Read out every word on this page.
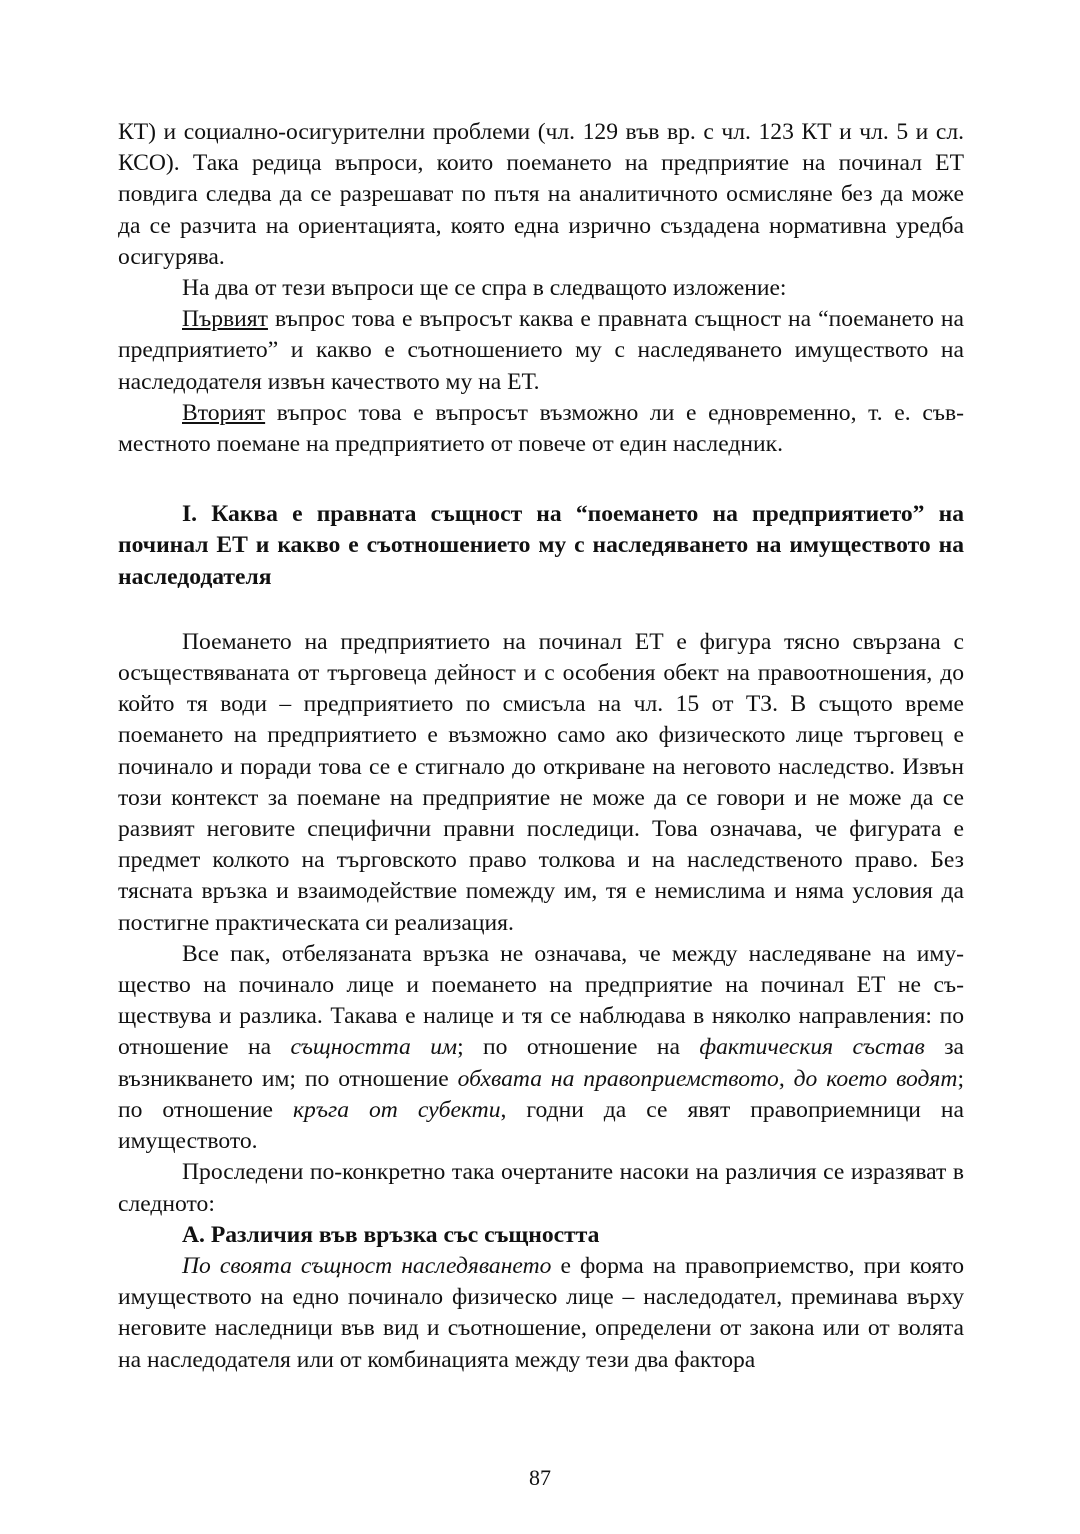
КТ) и социално-осигурителни проблеми (чл. 129 във вр. с чл. 123 КТ и чл. 5 и сл. КСО). Така редица въпроси, които поемането на предприятие на починал ЕТ повдига следва да се разрешават по пътя на аналитичното осмисляне без да може да се разчита на ориентацията, която една изрично създадена нормативна уредба осигурява.

На два от тези въпроси ще се спра в следващото изложение:

Първият въпрос това е въпросът каква е правната същност на “поемането на предприятието” и какво е съотношението му с наследяването имуществото на наследодателя извън качеството му на ЕТ.

Вторият въпрос това е въпросът възможно ли е едновременно, т. е. съвместното поемане на предприятието от повече от един наследник.

I. Каква е правната същност на “поемането на предприятието” на починал ЕТ и какво е съотношението му с наследяването на имуществото на наследодателя

Поемането на предприятието на починал ЕТ е фигура тясно свързана с осъществяваната от търговеца дейност и с особения обект на правоотношения, до който тя води – предприятието по смисъла на чл. 15 от ТЗ. В същото време поемането на предприятието е възможно само ако физическото лице търговец е починало и поради това се е стигнало до откриване на неговото наследство. Извън този контекст за поемане на предприятие не може да се говори и не може да се развият неговите специфични правни последици. Това означава, че фигурата е предмет колкото на търговското право толкова и на наследственото право. Без тясната връзка и взаимодействие помежду им, тя е немислима и няма условия да постигне практическата си реализация.

Все пак, отбелязаната връзка не означава, че между наследяване на имущество на починало лице и поемането на предприятие на починал ЕТ не съществува и разлика. Такава е налице и тя се наблюдава в няколко направления: по отношение на същността им; по отношение на фактическия състав за възникването им; по отношение обхвата на правоприемството, до което водят; по отношение кръга от субекти, годни да се явят правоприемници на имуществото.

Проследени по-конкретно така очертаните насоки на различия се изразяват в следното:

А. Различия във връзка със същността

По своята същност наследяването е форма на правоприемство, при която имуществото на едно починало физическо лице – наследодател, преминава върху неговите наследници във вид и съотношение, определени от закона или от волята на наследодателя или от комбинацията между тези два фактора

87
